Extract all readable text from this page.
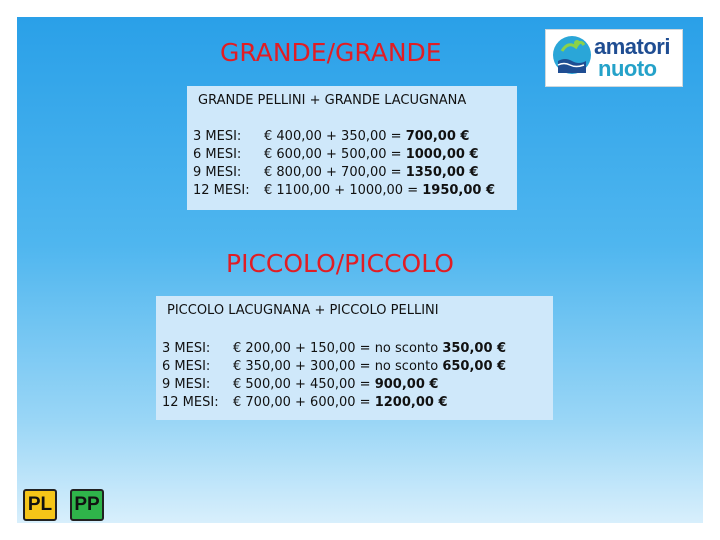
GRANDE/GRANDE
GRANDE PELLINI + GRANDE LACUGNANA
3 MESI: € 400,00 + 350,00 = 700,00 €
6 MESI: € 600,00 + 500,00 = 1000,00 €
9 MESI: € 800,00 + 700,00 = 1350,00 €
12 MESI: € 1100,00 + 1000,00 = 1950,00 €
PICCOLO/PICCOLO
PICCOLO LACUGNANA + PICCOLO PELLINI
3 MESI: € 200,00 + 150,00 = no sconto 350,00 €
6 MESI: € 350,00 + 300,00 = no sconto 650,00 €
9 MESI: € 500,00 + 450,00 = 900,00 €
12 MESI: € 700,00 + 600,00 = 1200,00 €
amatori
nuoto
PL PP
